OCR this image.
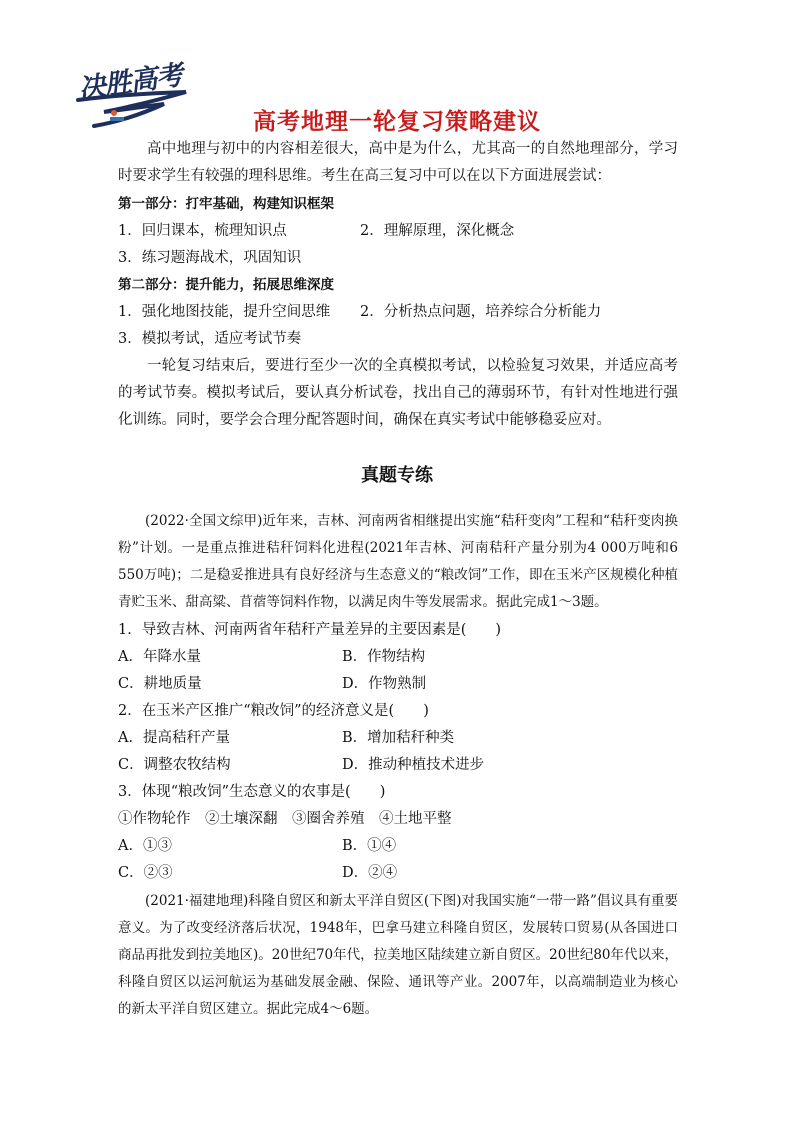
决胜高考
高考地理一轮复习策略建议
高中地理与初中的内容相差很大，高中是为什么，尤其高一的自然地理部分，学习时要求学生有较强的理科思维。考生在高三复习中可以在以下方面进展尝试：
第一部分：打牢基础，构建知识框架
1．回归课本，梳理知识点	2．理解原理，深化概念
3．练习题海战术，巩固知识
第二部分：提升能力，拓展思维深度
1．强化地图技能，提升空间思维 2．分析热点问题，培养综合分析能力
3．模拟考试，适应考试节奏
一轮复习结束后，要进行至少一次的全真模拟考试，以检验复习效果，并适应高考的考试节奏。模拟考试后，要认真分析试卷，找出自己的薄弱环节，有针对性地进行强化训练。同时，要学会合理分配答题时间，确保在真实考试中能够稳妥应对。
真题专练
(2022·全国文综甲)近年来，吉林、河南两省相继提出实施“秸秆变肉”工程和“秸秆变肉换粉”计划。一是重点推进秸秆饲料化进程(2021年吉林、河南秸秆产量分别为4 000万吨和6 550万吨)；二是稳妥推进具有良好经济与生态意义的“粮改饲”工作，即在玉米产区规模化种植青贮玉米、甜高粱、苜蓿等饲料作物，以满足肉牛等发展需求。据此完成1～3题。
1．导致吉林、河南两省年秸秆产量差异的主要因素是(　　)
A．年降水量	B．作物结构
C．耕地质量	D．作物熟制
2．在玉米产区推广“粮改饲”的经济意义是(　　)
A．提高秸秆产量	B．增加秸秆种类
C．调整农牧结构	D．推动种植技术进步
3．体现“粮改饲”生态意义的农事是(　　)
①作物轮作　②土壤深翻　③圈舍养殖　④土地平整
A．①③	B．①④
C．②③	D．②④
(2021·福建地理)科隆自贸区和新太平洋自贸区(下图)对我国实施“一带一路”倡议具有重要意义。为了改变经济落后状况，1948年，巴拿马建立科隆自贸区，发展转口贸易(从各国进口商品再批发到拉美地区)。20世纪70年代，拉美地区陆续建立新自贸区。20世纪80年代以来，科隆自贸区以运河航运为基础发展金融、保险、通讯等产业。2007年，以高端制造业为核心的新太平洋自贸区建立。据此完成4～6题。
